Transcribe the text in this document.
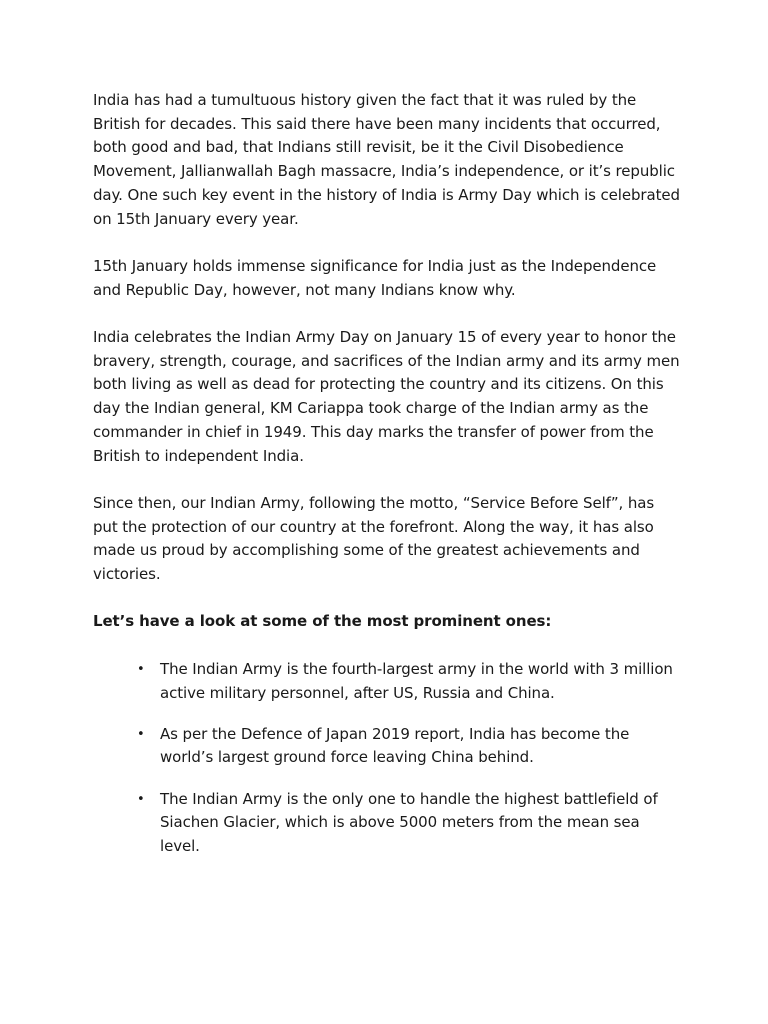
India has had a tumultuous history given the fact that it was ruled by the British for decades. This said there have been many incidents that occurred, both good and bad, that Indians still revisit, be it the Civil Disobedience Movement, Jallianwallah Bagh massacre, India’s independence, or it’s republic day. One such key event in the history of India is Army Day which is celebrated on 15th January every year.

15th January holds immense significance for India just as the Independence and Republic Day, however, not many Indians know why.

India celebrates the Indian Army Day on January 15 of every year to honor the bravery, strength, courage, and sacrifices of the Indian army and its army men both living as well as dead for protecting the country and its citizens. On this day the Indian general, KM Cariappa took charge of the Indian army as the commander in chief in 1949. This day marks the transfer of power from the British to independent India.

Since then, our Indian Army, following the motto, “Service Before Self”, has put the protection of our country at the forefront. Along the way, it has also made us proud by accomplishing some of the greatest achievements and victories.

Let’s have a look at some of the most prominent ones:

• The Indian Army is the fourth-largest army in the world with 3 million active military personnel, after US, Russia and China.
• As per the Defence of Japan 2019 report, India has become the world’s largest ground force leaving China behind.
• The Indian Army is the only one to handle the highest battlefield of Siachen Glacier, which is above 5000 meters from the mean sea level.
